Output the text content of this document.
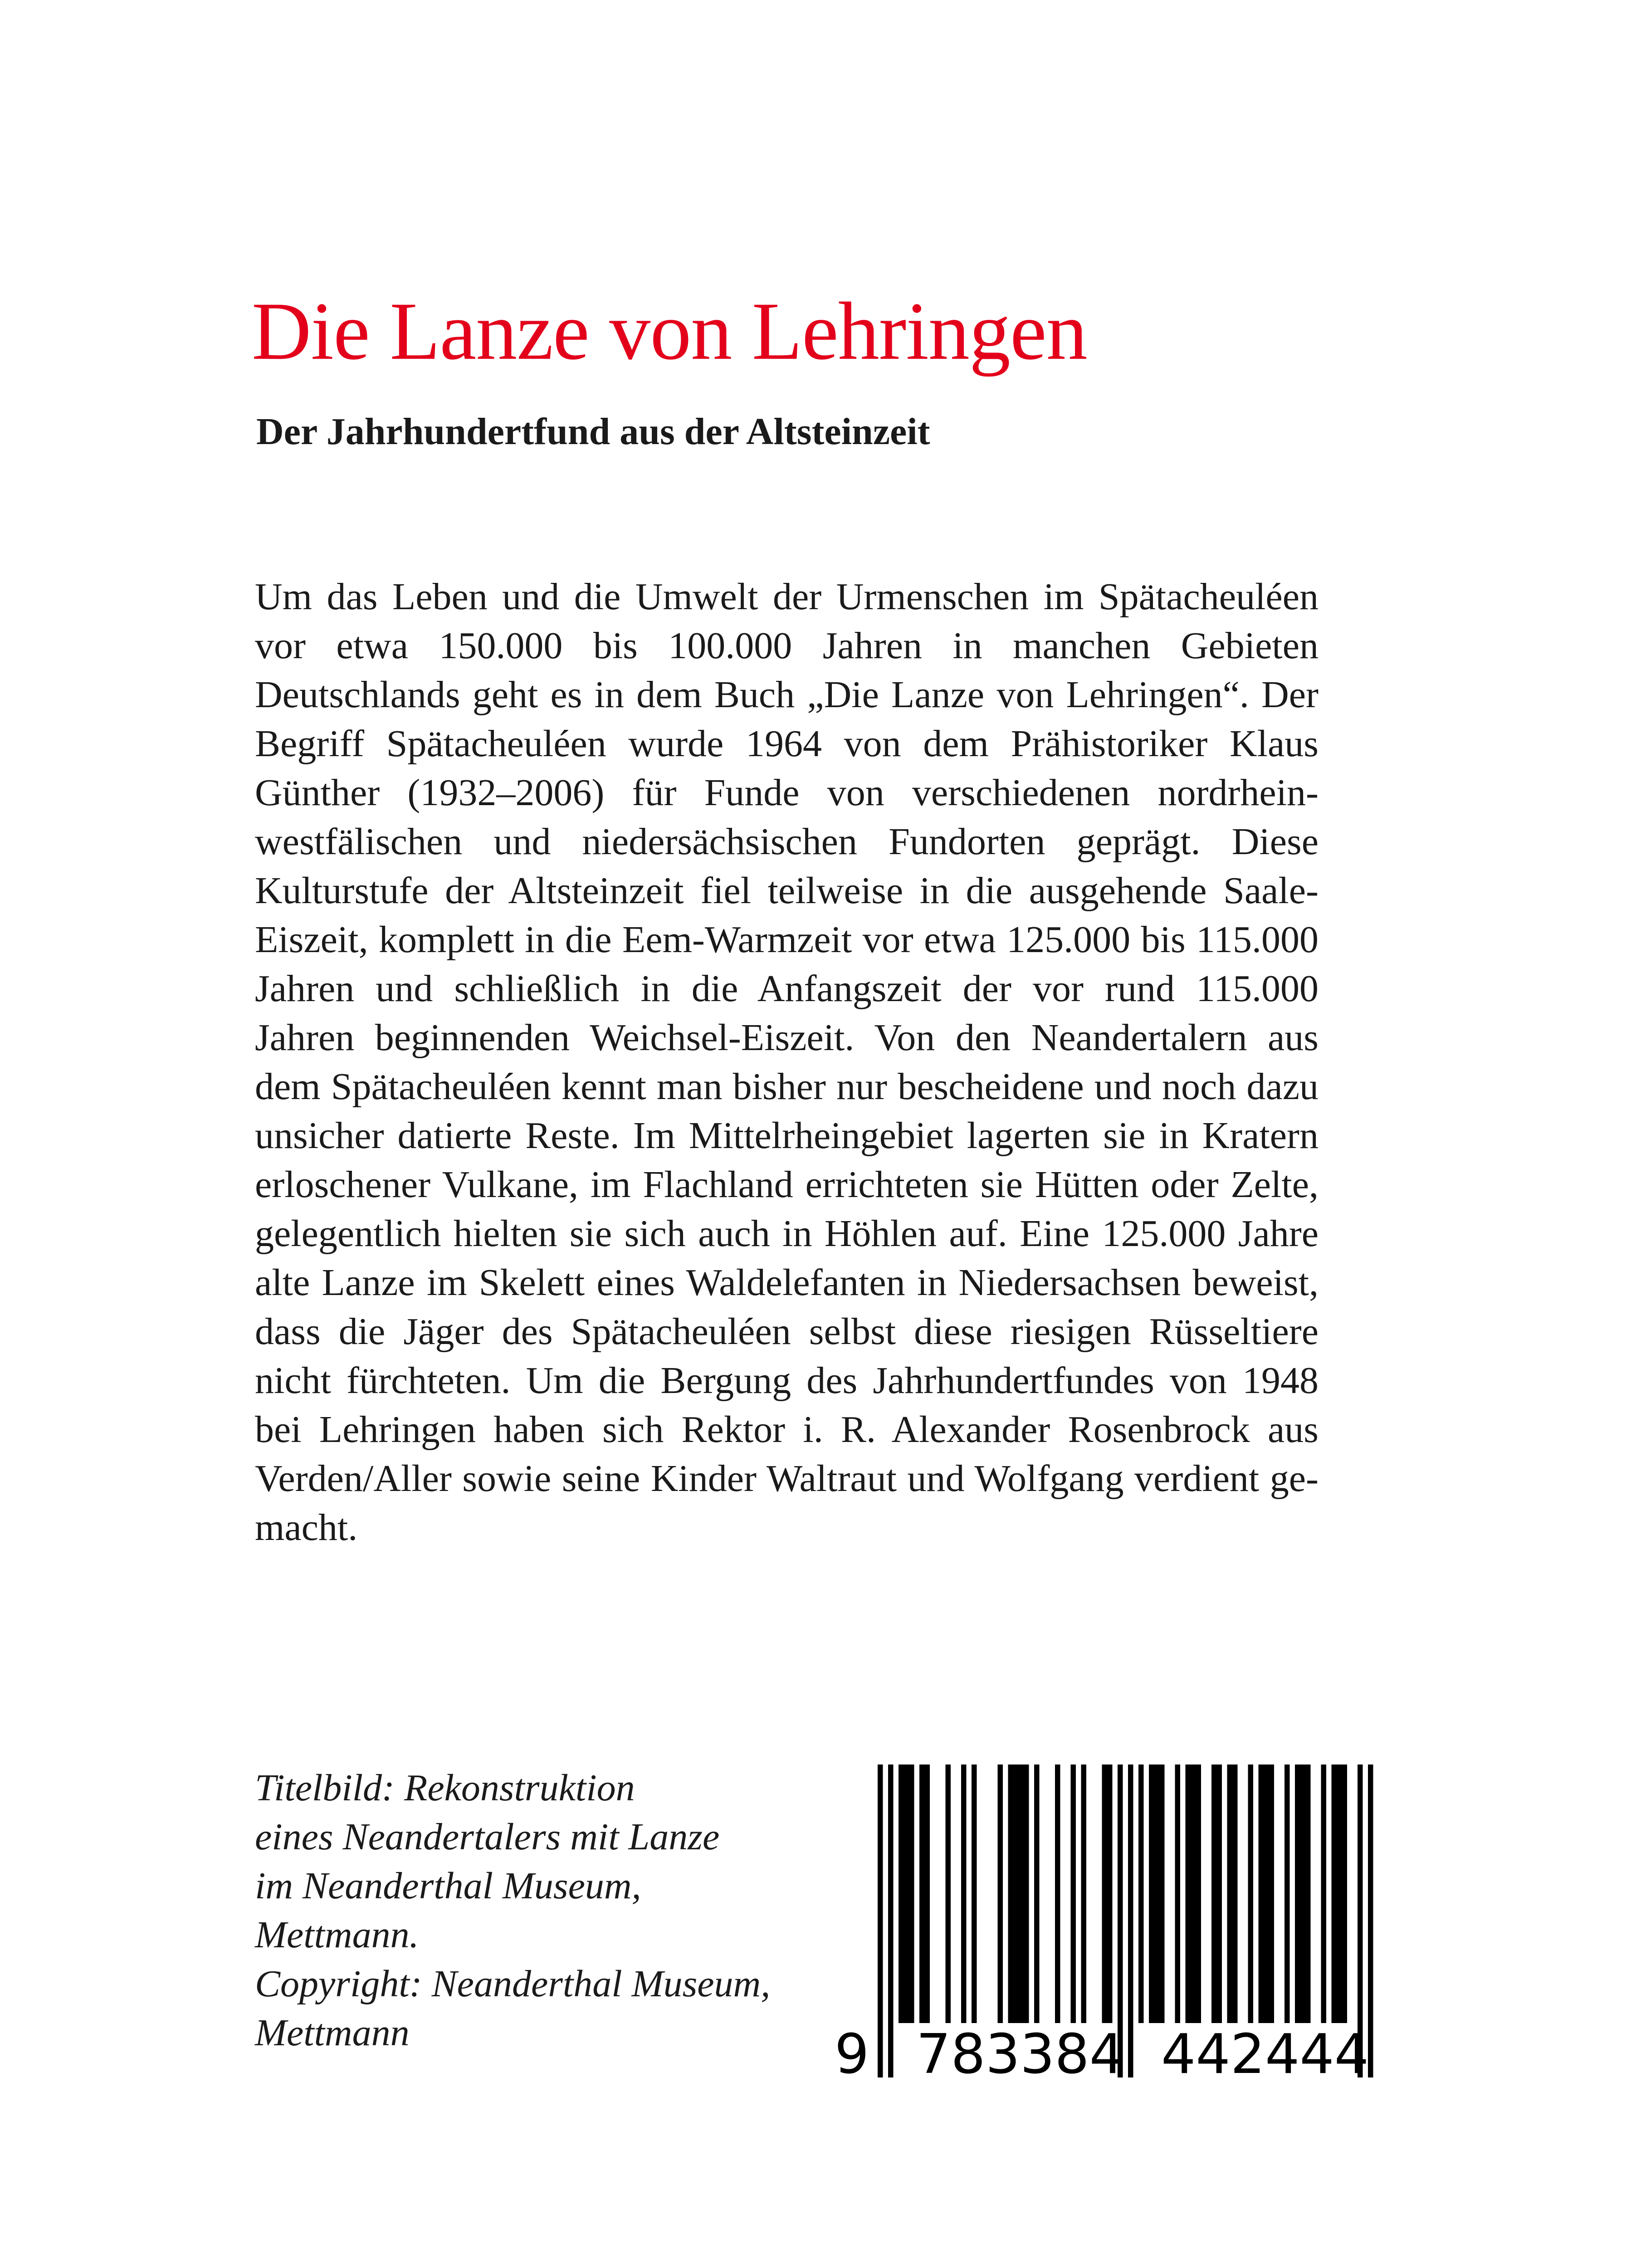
Die Lanze von Lehringen
Der Jahrhundertfund aus der Altsteinzeit
Um das Leben und die Umwelt der Urmenschen im Spätacheuléen vor etwa 150.000 bis 100.000 Jahren in manchen Gebieten Deutschlands geht es in dem Buch „Die Lanze von Lehringen“. Der Begriff Spätacheuléen wurde 1964 von dem Prähistoriker Klaus Günther (1932–2006) für Funde von verschiedenen nordrhein-westfälischen und niedersächsischen Fundorten geprägt. Diese Kulturstufe der Altsteinzeit fiel teilweise in die ausgehende Saale-Eiszeit, komplett in die Eem-Warmzeit vor etwa 125.000 bis 115.000 Jahren und schließlich in die Anfangszeit der vor rund 115.000 Jahren beginnenden Weichsel-Eiszeit. Von den Neandertalern aus dem Spätacheuléen kennt man bisher nur bescheidene und noch dazu unsicher datierte Reste. Im Mittelrheingebiet lagerten sie in Kratern erloschener Vulkane, im Flachland errichteten sie Hütten oder Zelte, gelegentlich hielten sie sich auch in Höhlen auf. Eine 125.000 Jahre alte Lanze im Skelett eines Waldelefanten in Niedersachsen beweist, dass die Jäger des Spätacheuléen selbst diese riesigen Rüsseltiere nicht fürchteten. Um die Bergung des Jahrhundertfundes von 1948 bei Lehringen haben sich Rektor i. R. Alexander Rosenbrock aus Verden/Aller sowie seine Kinder Waltraut und Wolfgang verdient gemacht.
Titelbild: Rekonstruktion
eines Neandertalers mit Lanze
im Neanderthal Museum,
Mettmann.
Copyright: Neanderthal Museum,
Mettmann	9 783384 442444
